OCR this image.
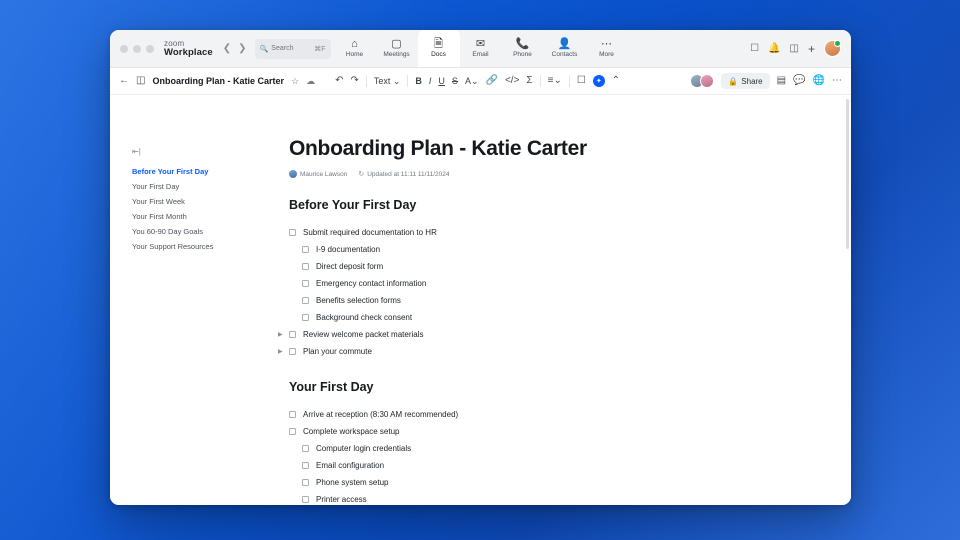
zoom
Workplace ❮ ❯ 🔍 Search	⌘F ⌂
Home
▢
Meetings
🗎
Docs
✉
Email
📞
Phone
👤
Contacts
⋯
More	☐ 🔔 ◫ +
← ◫ Onboarding Plan - Katie Carter ☆ ☁ ↶ ↷ Text ⌄ B I U S A⌄ 🔗 </> Σ ≡⌄ ☐	✦	⌃	🔒 Share ▤ 💬 🌐 ⋯
⇤|
Before Your First Day
Your First Day
Your First Week
Your First Month
You 60-90 Day Goals
Your Support Resources
Onboarding Plan - Katie Carter
Maurice Lawson ↻ Updated at 11:11 11/11/2024
Before Your First Day
Submit required documentation to HR
I-9 documentation
Direct deposit form
Emergency contact information
Benefits selection forms
Background check consent
▶	Review welcome packet materials
▶	Plan your commute
Your First Day
Arrive at reception (8:30 AM recommended)
Complete workspace setup
Computer login credentials
Email configuration
Phone system setup
Printer access
